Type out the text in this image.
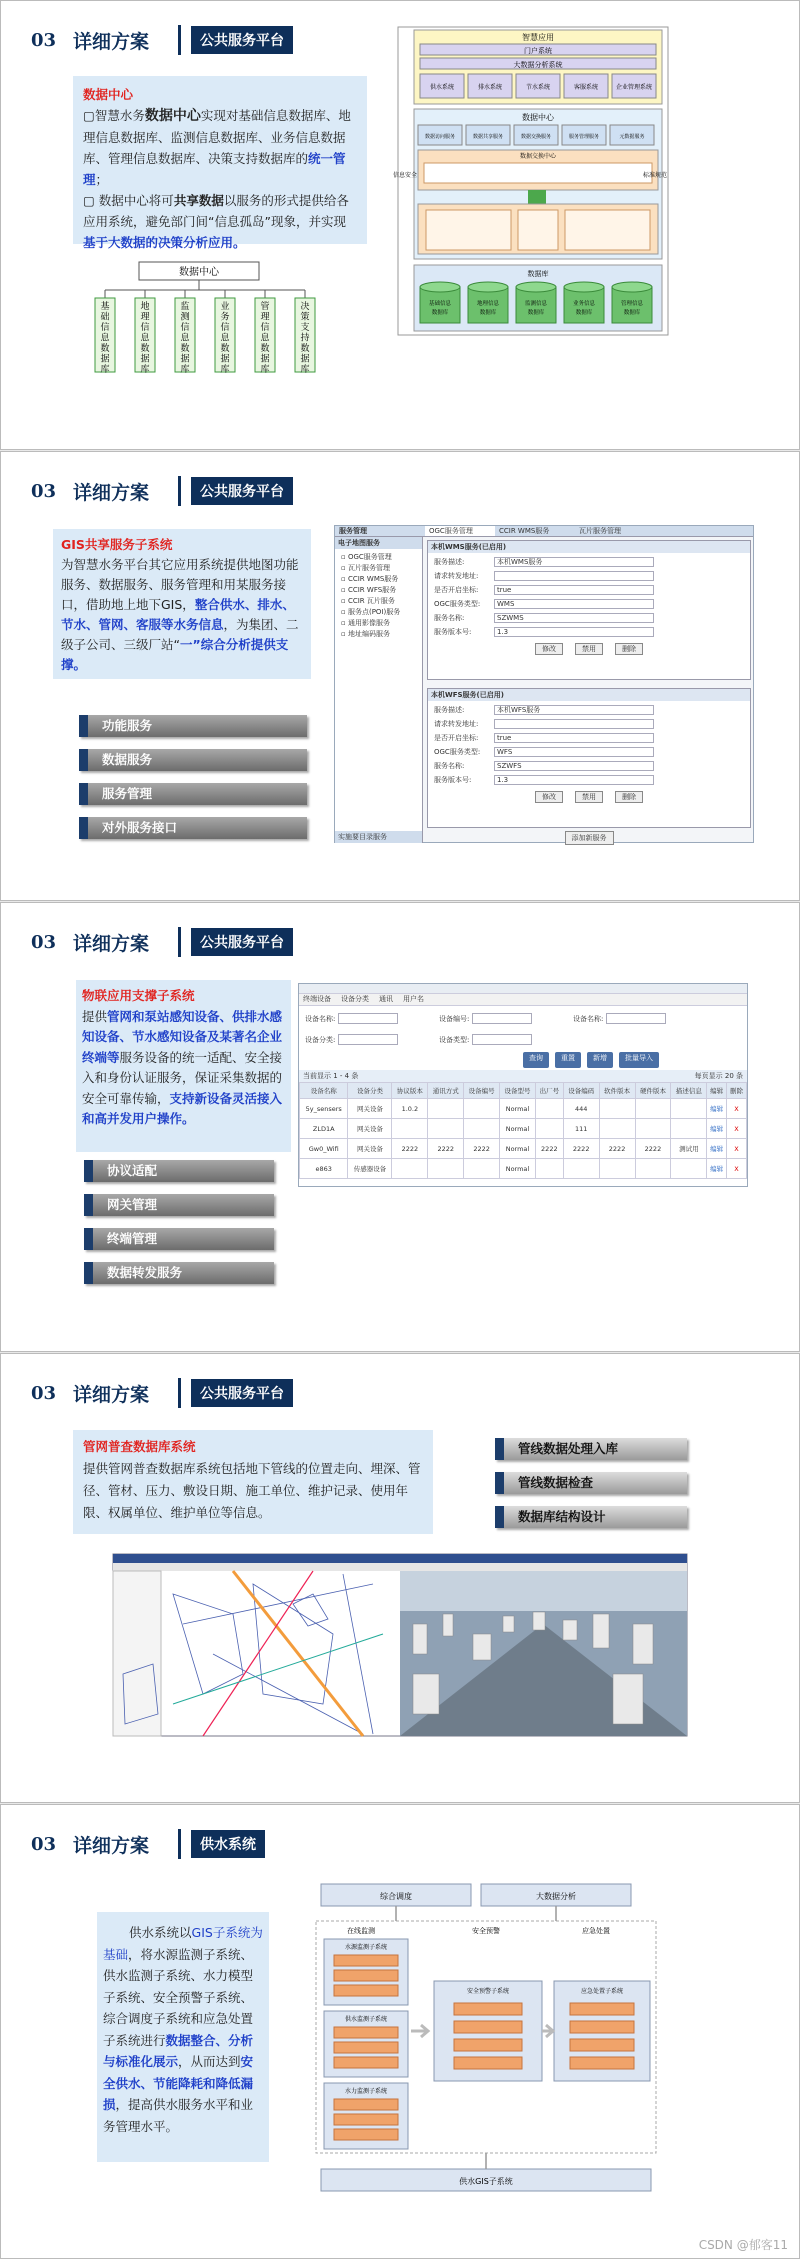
03 详细方案	公共服务平台
数据中心
▢智慧水务数据中心实现对基础信息数据库、地理信息数据库、监测信息数据库、业务信息数据库、管理信息数据库、决策支持数据库的统一管理；
▢ 数据中心将可共享数据以服务的形式提供给各应用系统，避免部门间“信息孤岛”现象，并实现基于大数据的决策分析应用。
数据中心
基
础
信
息
数
据
库
地
理
信
息
数
据
库
监
测
信
息
数
据
库
业
务
信
息
数
据
库
管
理
信
息
数
据
库
决
策
支
持
数
据
库
智慧应用
门户系统
大数据分析系统
供水系统	排水系统	节水系统	客服系统	企业管理系统
数据中心
数据访问服务	数据共享服务	数据交换服务	服务管理服务	元数据服务
数据交换中心
信息安全	标准规范
数据库
基础信息
数据库
地理信息
数据库
监测信息
数据库
业务信息
数据库
管理信息
数据库
03 详细方案	公共服务平台
GIS共享服务子系统
为智慧水务平台其它应用系统提供地图功能服务、数据服务、服务管理和用某服务接口，借助地上地下GIS，整合供水、排水、节水、管网、客服等水务信息，为集团、二级子公司、三级厂站“一”综合分析提供支撑。
功能服务
数据服务
服务管理
对外服务接口
服务管理	OGC服务管理	CCIR WMS服务	瓦片服务管理
电子地图服务
▫ OGC服务管理
▫ 瓦片服务管理
▫ CCIR WMS服务
▫ CCIR WFS服务
▫ CCIR 瓦片服务
▫ 服务点(POI)服务
▫ 通用影像服务
▫ 地址编码服务
实施要目录服务
本机WMS服务(已启用)
服务描述:	本机WMS服务
请求转发地址:
是否开启坐标:	true
OGC服务类型:	WMS
服务名称:	SZWMS
服务版本号:	1.3
修改	禁用	删除
本机WFS服务(已启用)
服务描述:	本机WFS服务
请求转发地址:
是否开启坐标:	true
OGC服务类型:	WFS
服务名称:	SZWFS
服务版本号:	1.3
修改	禁用	删除
添加新服务
03 详细方案	公共服务平台
物联应用支撑子系统
提供管网和泵站感知设备、供排水感知设备、节水感知设备及某著名企业终端等服务设备的统一适配、安全接入和身份认证服务，保证采集数据的安全可靠传输，支持新设备灵活接入和高并发用户操作。
协议适配
网关管理
终端管理
数据转发服务
终端设备 设备分类 通讯 用户名
设备名称:	设备编号:	设备名称:
设备分类:	设备类型:
查询	重置	新增	批量导入
当前显示 1 - 4 条	每页显示 20 条
设备名称	设备分类	协议版本	通讯方式	设备编号	设备型号	出厂号	设备编码	软件版本	硬件版本	描述信息	编辑	删除
5y_sensers	网关设备	1.0.2			Normal		444				编辑	X
ZLD1A	网关设备				Normal		111				编辑	X
Gw0_Wifi	网关设备	2222	2222	2222	Normal	2222	2222	2222	2222	测试用	编辑	X
e863	传感器设备				Normal						编辑	X
03 详细方案	公共服务平台
管网普查数据库系统
提供管网普查数据库系统包括地下管线的位置走向、埋深、管径、管材、压力、敷设日期、施工单位、维护记录、使用年限、权属单位、维护单位等信息。
管线数据处理入库
管线数据检查
数据库结构设计
03 详细方案	供水系统
供水系统以GIS子系统为基础，将水源监测子系统、供水监测子系统、水力模型子系统、安全预警子系统、综合调度子系统和应急处置子系统进行数据整合、分析与标准化展示，从而达到安全供水、节能降耗和降低漏损，提高供水服务水平和业务管理水平。
综合调度	大数据分析
在线监测	安全预警	应急处置
水源监测子系统
供水监测子系统
水力监测子系统
安全预警子系统	应急处置子系统
供水GIS子系统
CSDN @郁客11
